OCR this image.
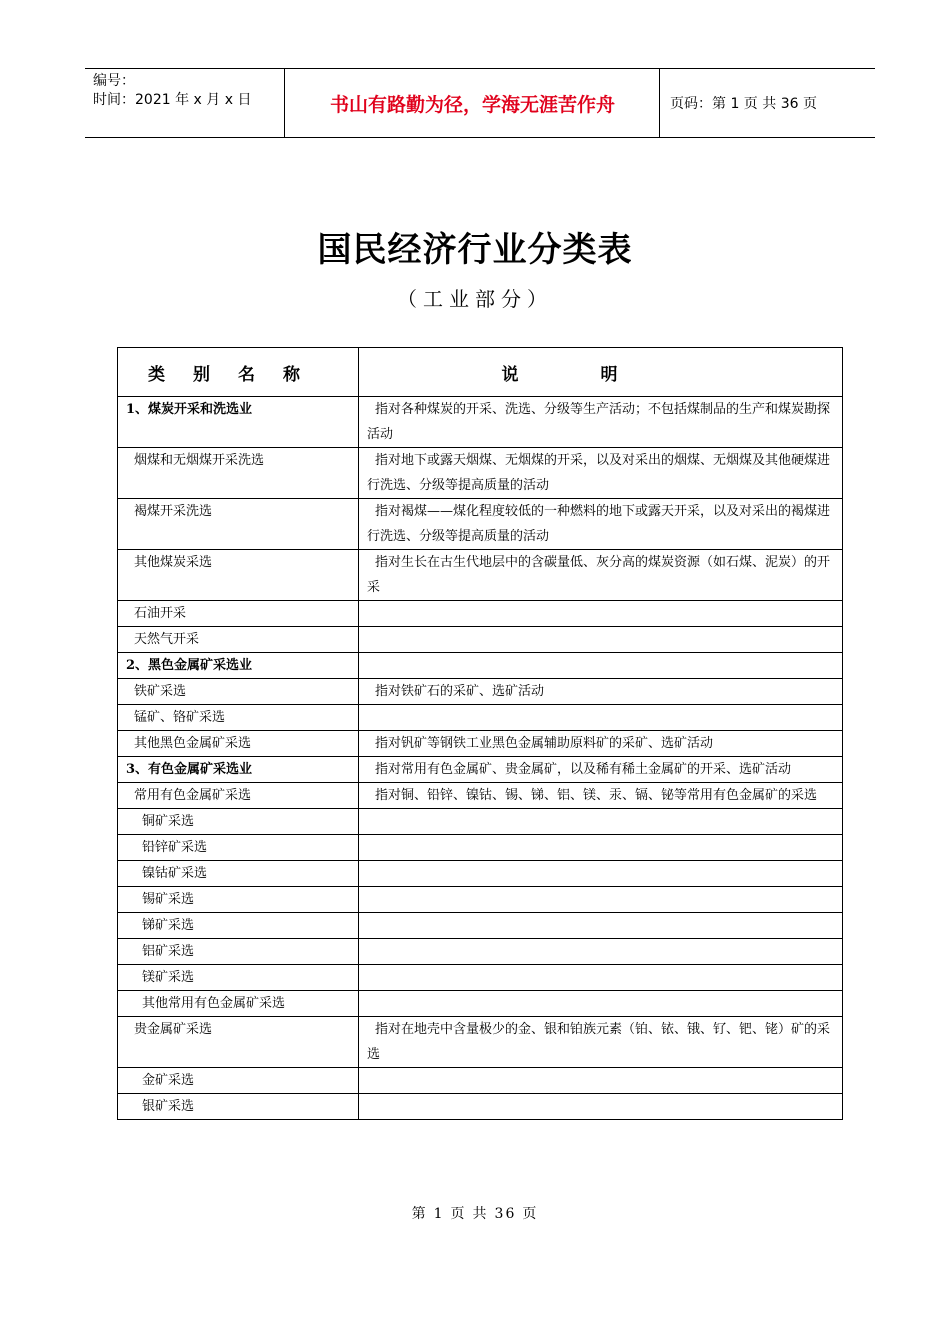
编号：
时间：2021 年 x 月 x 日	书山有路勤为径，学海无涯苦作舟	页码：第 1 页 共 36 页
国民经济行业分类表
（工业部分）
类别名称	说明
1、煤炭开采和洗选业	指对各种煤炭的开采、洗选、分级等生产活动；不包括煤制品的生产和煤炭勘探活动
烟煤和无烟煤开采洗选	指对地下或露天烟煤、无烟煤的开采，以及对采出的烟煤、无烟煤及其他硬煤进行洗选、分级等提高质量的活动
褐煤开采洗选	指对褐煤——煤化程度较低的一种燃料的地下或露天开采，以及对采出的褐煤进行洗选、分级等提高质量的活动
其他煤炭采选	指对生长在古生代地层中的含碳量低、灰分高的煤炭资源（如石煤、泥炭）的开采
石油开采	
天然气开采	
2、黑色金属矿采选业	
铁矿采选	指对铁矿石的采矿、选矿活动
锰矿、铬矿采选	
其他黑色金属矿采选	指对钒矿等钢铁工业黑色金属辅助原料矿的采矿、选矿活动
3、有色金属矿采选业	指对常用有色金属矿、贵金属矿，以及稀有稀土金属矿的开采、选矿活动
常用有色金属矿采选	指对铜、铅锌、镍钴、锡、锑、铝、镁、汞、镉、铋等常用有色金属矿的采选
铜矿采选	
铅锌矿采选	
镍钴矿采选	
锡矿采选	
锑矿采选	
铝矿采选	
镁矿采选	
其他常用有色金属矿采选	
贵金属矿采选	指对在地壳中含量极少的金、银和铂族元素（铂、铱、锇、钌、钯、铑）矿的采选
金矿采选	
银矿采选	
第 1 页 共 36 页
